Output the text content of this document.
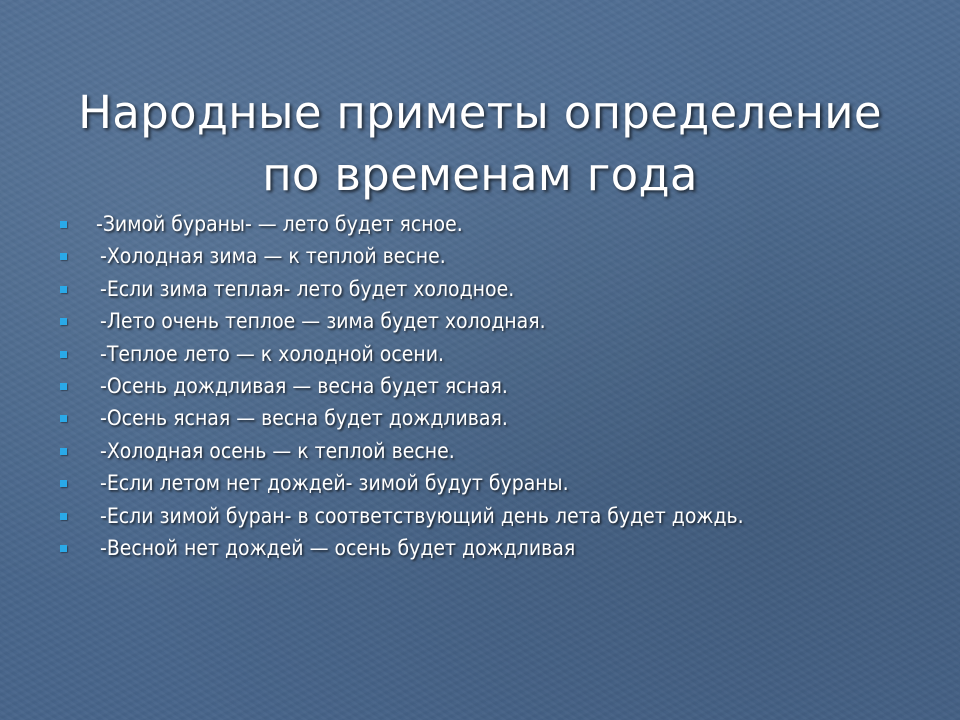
Народные приметы определение
по временам года
-Зимой бураны- — лето будет ясное.
-Холодная зима — к теплой весне.
-Если зима теплая- лето будет холодное.
-Лето очень теплое — зима будет холодная.
-Теплое лето — к холодной осени.
-Осень дождливая — весна будет ясная.
-Осень ясная — весна будет дождливая.
-Холодная осень — к теплой весне.
-Если летом нет дождей- зимой будут бураны.
-Если зимой буран- в соответствующий день лета будет дождь.
-Весной нет дождей — осень будет дождливая
